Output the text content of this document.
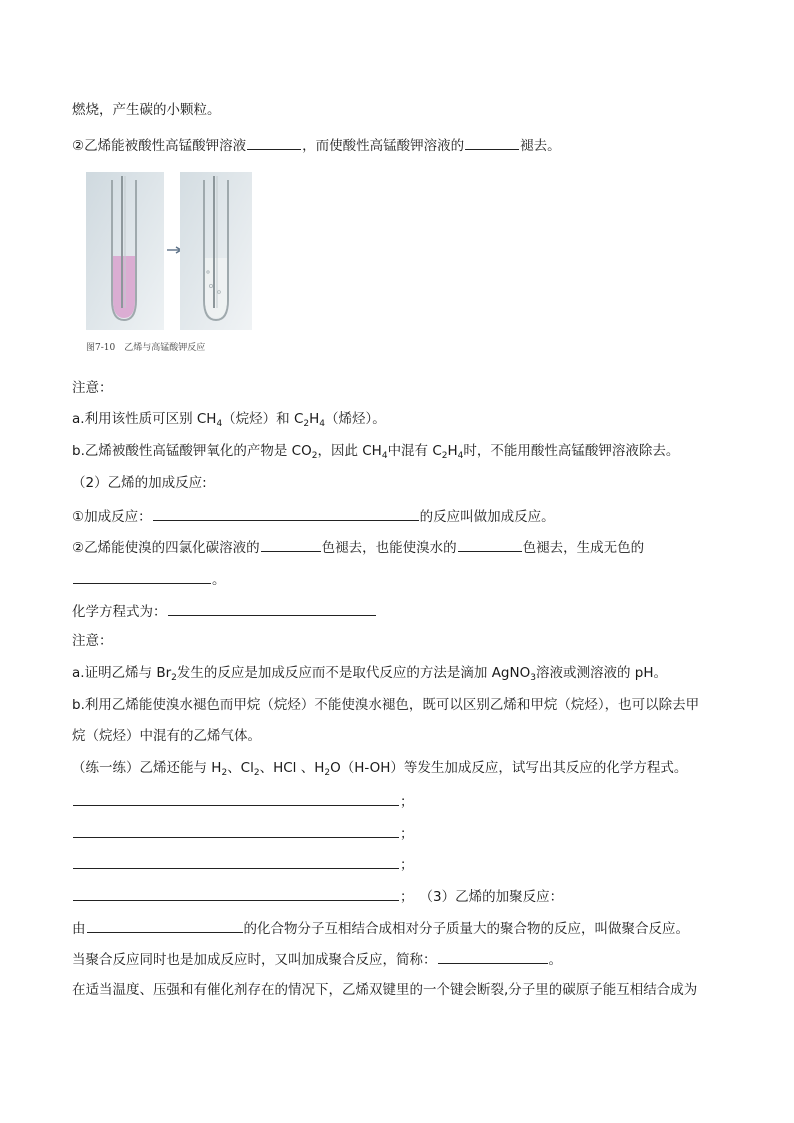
燃烧，产生碳的小颗粒。
②乙烯能被酸性高锰酸钾溶液	，而使酸性高锰酸钾溶液的	褪去。
图7-10　乙烯与高锰酸钾反应
注意：
a.利用该性质可区别 $CH_4$（烷烃）和 $C_2H_4$（烯烃）。
b.乙烯被酸性高锰酸钾氧化的产物是 $CO_2$，因此 $CH_4$中混有 $C_2H_4$时，不能用酸性高锰酸钾溶液除去。
（2）乙烯的加成反应:
①加成反应：	的反应叫做加成反应。
②乙烯能使溴的四氯化碳溶液的	色褪去，也能使溴水的	色褪去，生成无色的
。
化学方程式为：
注意：
a.证明乙烯与 $Br_2$发生的反应是加成反应而不是取代反应的方法是滴加 AgNO$_3$溶液或测溶液的 pH。
b.利用乙烯能使溴水褪色而甲烷（烷烃）不能使溴水褪色，既可以区别乙烯和甲烷（烷烃），也可以除去甲
烷（烷烃）中混有的乙烯气体。
（练一练）乙烯还能与 $H_2$、$Cl_2$、HCl 、$H_2O(H-OH)$等发生加成反应，试写出其反应的化学方程式。
；
；
；
； （3）乙烯的加聚反应：
由	的化合物分子互相结合成相对分子质量大的聚合物的反应，叫做聚合反应。
当聚合反应同时也是加成反应时，又叫加成聚合反应，简称：	。
在适当温度、压强和有催化剂存在的情况下，乙烯双键里的一个键会断裂,分子里的碳原子能互相结合成为
